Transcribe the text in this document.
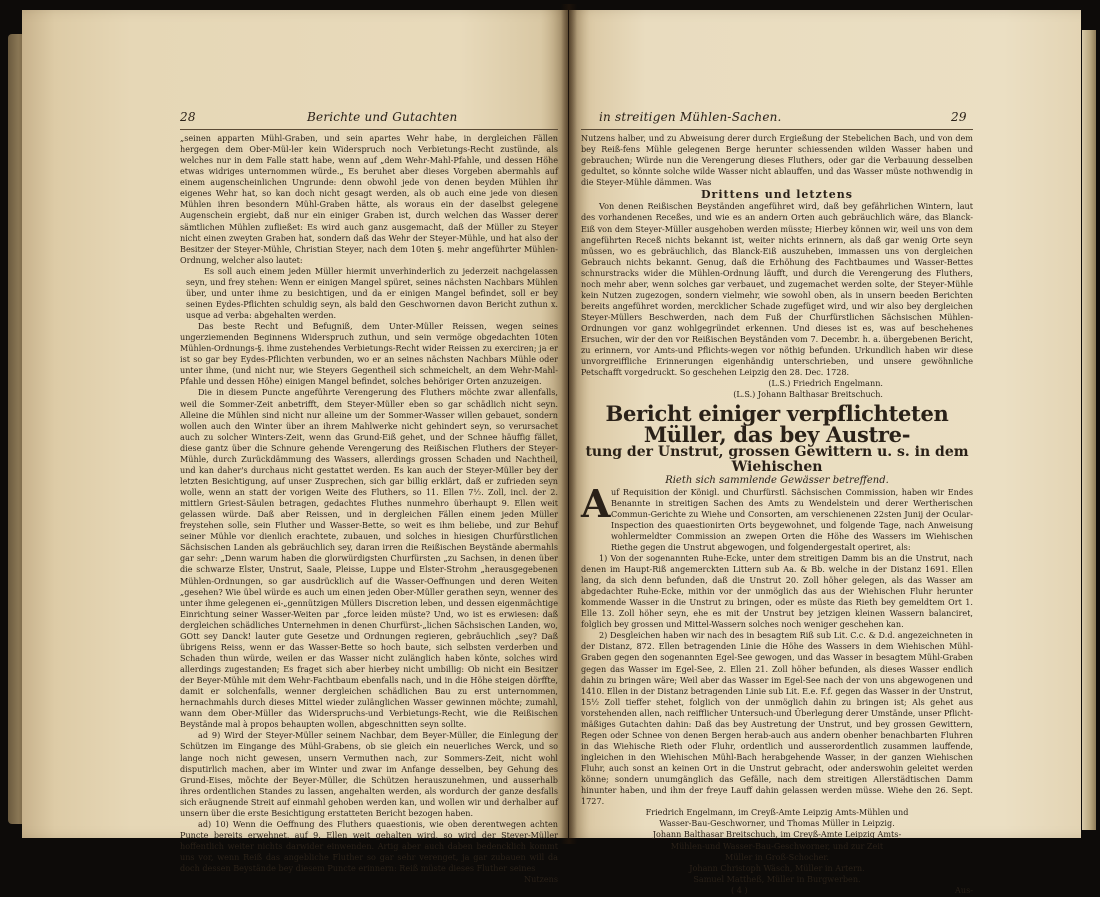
28	Berichte und Gutachten

„seinen apparten Mühl-Graben, und sein apartes Wehr habe, in dergleichen Fällen hergegen dem Ober-Mül-ler kein Widerspruch noch Verbietungs-Recht zustünde, als welches nur in dem Falle statt habe, wenn auf „dem Wehr-Mahl-Pfahle, und dessen Höhe etwas widriges unternommen würde.„ Es beruhet aber dieses Vorgeben abermahls auf einem augenscheinlichen Ungrunde: denn obwohl jede von denen beyden Mühlen ihr eigenes Wehr hat, so kan doch nicht gesagt werden, als ob auch eine jede von diesen Mühlen ihren besondern Mühl-Graben hätte, als woraus ein der daselbst gelegene Augenschein ergiebt, daß nur ein einiger Graben ist, durch welchen das Wasser derer sämtlichen Mühlen zufließet: Es wird auch ganz ausgemacht, daß der Müller zu Steyer nicht einen zweyten Graben hat, sondern daß das Wehr der Steyer-Mühle, und hat also der Besitzer der Steyer-Mühle, Christian Steyer, nach dem 10ten §. mehr angeführter Mühlen-Ordnung, welcher also lautet:

Es soll auch einem jeden Müller hiermit unverhinderlich zu jederzeit nachgelassen seyn, und frey stehen: Wenn er einigen Mangel spüret, seines nächsten Nachbars Mühlen über, und unter ihme zu besichtigen, und da er einigen Mangel befindet, soll er bey seinen Eydes-Pflichten schuldig seyn, als bald den Geschwornen davon Bericht zuthun x. usque ad verba: abgehalten werden.

Das beste Recht und Befugniß, dem Unter-Müller Reissen, wegen seines ungerziemenden Beginnens Widerspruch zuthun, und sein vermöge obgedachten 10ten Mühlen-Ordnungs-§. ihme zustehendes Verbietungs-Recht wider Reissen zu exerciren; ja er ist so gar bey Eydes-Pflichten verbunden, wo er an seines nächsten Nachbars Mühle oder unter ihme, (und nicht nur, wie Steyers Gegentheil sich schmeichelt, an dem Wehr-Mahl-Pfahle und dessen Höhe) einigen Mangel befindet, solches behöriger Orten anzuzeigen.

Die in diesem Puncte angeführte Verengerung des Fluthers möchte zwar allenfalls, weil die Sommer-Zeit anbetrifft, dem Steyer-Müller eben so gar schädlich nicht seyn. Alleine die Mühlen sind nicht nur alleine um der Sommer-Wasser willen gebauet, sondern wollen auch den Winter über an ihrem Mahlwerke nicht gehindert seyn, so verursachet auch zu solcher Winters-Zeit, wenn das Grund-Eiß gehet, und der Schnee häuffig fället, diese gantz über die Schnure gehende Verengerung des Reißischen Fluthers der Steyer-Mühle, durch Zurückdämmung des Wassers, allerdings grossen Schaden und Nachtheil, und kan daher's durchaus nicht gestattet werden. Es kan auch der Steyer-Müller bey der letzten Besichtigung, auf unser Zusprechen, sich gar billig erklärt, daß er zufrieden seyn wolle, wenn an statt der vorigen Weite des Fluthers, so 11. Ellen 7½. Zoll, incl. der 2. mittlern Griest-Säulen betragen, gedachtes Fluthes nunmehro überhaupt 9. Ellen weit gelassen würde. Daß aber Reissen, und in dergleichen Fällen einem jeden Müller freystehen solle, sein Fluther und Wasser-Bette, so weit es ihm beliebe, und zur Behuf seiner Mühle vor dienlich erachtete, zubauen, und solches in hiesigen Churfürstlichen Sächsischen Landen als gebräuchlich sey, daran irren die Reißischen Beyständе abermahls gar sehr: „Denn warum haben die glorwürdigsten Churfürsten „zu Sachsen, in denen über die schwarze Elster, Unstrut, Saale, Pleisse, Luppe und Elster-Strohm „herausgegebenen Mühlen-Ordnungen, so gar ausdrücklich auf die Wasser-Oeffnungen und deren Weiten „gesehen? Wie übel würde es auch um einen jeden Ober-Müller gerathen seyn, wenner des unter ihme gelegenen ei-„gennützigen Müllers Discretion leben, und dessen eigenmächtige Einrichtung seiner Wasser-Weiten par „force leiden müste? Und, wo ist es erwiesen: daß dergleichen schädliches Unternehmen in denen Churfürst-„lichen Sächsischen Landen, wo, GOtt sey Danck! lauter gute Gesetze und Ordnungen regieren, gebräuchlich „sey? Daß übrigens Reiss, wenn er das Wasser-Bette so hoch baute, sich selbsten verderben und Schaden thun würde, weilen er das Wasser nicht zulänglich haben könte, solches wird allerdings zugestanden; Es fraget sich aber hierbey nicht umbillig: Ob nicht ein Besitzer der Beyer-Mühle mit dem Wehr-Fachtbaum ebenfalls nach, und in die Höhe steigen dörffte, damit er solchenfalls, wenner dergleichen schädlichen Bau zu erst unternommen, hernachmahls durch dieses Mittel wieder zulänglichen Wasser gewinnen möchte; zumahl, wann dem Ober-Müller das Widerspruchs-und Verbietungs-Recht, wie die Reißischen Beyständе mal à propos behaupten wollen, abgeschnitten seyn sollte.

ad 9) Wird der Steyer-Müller seinem Nachbar, dem Beyer-Müller, die Einlegung der Schützen im Eingange des Mühl-Grabens, ob sie gleich ein neuerliches Werck, und so lange noch nicht gewesen, unsern Vermuthen nach, zur Sommers-Zeit, nicht wohl disputirlich machen, aber im Winter und zwar im Anfange desselben, bey Gehung des Grund-Eises, möchte der Beyer-Müller, die Schützen herauszunehmen, und ausserhalb ihres ordentlichen Standes zu lassen, angehalten werden, als wordurch der ganze desfalls sich eräugnende Streit auf einmahl gehoben werden kan, und wollen wir und derhalber auf unsern über die erste Besichtigung erstatteten Bericht bezogen haben.

ad) 10) Wenn die Oeffnung des Fluthers quaestionis, wie oben derentwegen achten Puncte bereits erwehnet, auf 9. Ellen weit gehalten wird, so wird der Steyer-Müller hoffentlich weiter nichts darwider einwenden. Artig aber auch daben bedencklich kommt uns vor, wenn Reiß das angebliche Fluther so gar sehr verenget, ja gar zubauen will da doch dessen Beyständе bey diesem Puncte erinnern: Reiß müste dieses Fluther seines

Nutzens
in streitigen Mühlen-Sachen.	29

Nutzens halber, und zu Abweisung derer durch Ergießung der Stebelichen Bach, und von dem bey Reiß-fens Mühle gelegenen Berge herunter schiessenden wilden Wasser haben und gebrauchen; Würde nun die Verengerung dieses Fluthers, oder gar die Verbauung desselben gedultet, so könnte solche wilde Wasser nicht ablauffen, und das Wasser müste nothwendig in die Steyer-Mühle dämmen. Was

Drittens und letztens

Von denen Reißischen Beyständen angeführet wird, daß bey gefährlichen Wintern, laut des vorhandenen Receßes, und wie es an andern Orten auch gebräuchlich wäre, das Blanck-Eiß von dem Steyer-Müller ausgehoben werden müsste; Hierbey können wir, weil uns von dem angeführten Receß nichts bekannt ist, weiter nichts erinnern, als daß gar wenig Orte seyn müssen, wo es gebräuchlich, das Blanck-Eiß auszuheben, immassen uns von dergleichen Gebrauch nichts bekannt. Genug, daß die Erhöhung des Fachtbaumes und Wasser-Bettes schnurstracks wider die Mühlen-Ordnung läufft, und durch die Verengerung des Fluthers, noch mehr aber, wenn solches gar verbauet, und zugemachet werden solte, der Steyer-Mühle kein Nutzen zugezogen, sondern vielmehr, wie sowohl oben, als in unsern beeden Berichten bereits angeführet worden, mercklicher Schade zugefüget wird, und wir also bey dergleichen Steyer-Müllers Beschwerden, nach dem Fuß der Churfürstlichen Sächsischen Mühlen-Ordnungen vor ganz wohlgegründet erkennen. Und dieses ist es, was auf beschehenes Ersuchen, wir der den vor Reißischen Beyständen vom 7. Decembr. h. a. übergebenen Bericht, zu erinnern, vor Amts-und Pflichts-wegen vor nöthig befunden. Urkundlich haben wir diese unvorgreiffliche Erinnerungen eigenhändig unterschrieben, und unsere gewöhnliche Petschafft vorgedruckt. So geschehen Leipzig den 28. Dec. 1728.

(L.S.) Friedrich Engelmann.
(L.S.) Johann Balthasar Breitschuch.
Bericht einiger verpflichteten Müller, das bey Austre-
tung der Unstrut, grossen Gewittern u. s. in dem Wiehischen
Rieth sich sammlende Gewässer betreffend.

A uf Requisition der Königl. und Churfürstl. Sächsischen Commission, haben wir Endes Benannte in streitigen Sachen des Amts zu Wendelstein und derer Wertherischen Commun-Gerichte zu Wiehe und Consorten, am verschienenen 22sten Junij der Ocular-Inspection des quaestionirten Orts beygewohnet, und folgende Tage, nach Anweisung wohlermeldter Commission an zwepen Orten die Höhe des Wassers im Wiehischen Riethe gegen die Unstrut abgewogen, und folgendergestalt operiret, als:

1) Von der sogenannten Ruhe-Ecke, unter dem streitigen Damm bis an die Unstrut, nach denen im Haupt-Riß angemerckten Littern sub Aa. & Bb. welche in der Distanz 1691. Ellen lang, da sich denn befunden, daß die Unstrut 20. Zoll höher gelegen, als das Wasser am abgedachter Ruhe-Ecke, mithin vor der unmöglich das aus der Wiehischen Fluhr herunter kommende Wasser in die Unstrut zu bringen, oder es müste das Rieth bey gemeldtem Ort 1. Elle 13. Zoll höher seyn, ehe es mit der Unstrut bey jetzigen kleinen Wassern balanciret, folglich bey grossen und Mittel-Wassern solches noch weniger geschehen kan.

2) Desgleichen haben wir nach des in besagtem Riß sub Lit. C.c. & D.d. angezeichneten in der Distanz, 872. Ellen betragenden Linie die Höhe des Wassers in dem Wiehischen Mühl-Graben gegen den sogenannten Egel-See gewogen, und das Wasser in besagtem Mühl-Graben gegen das Wasser im Egel-See, 2. Ellen 21. Zoll höher befunden, als dieses Wasser endlich dahin zu bringen wäre; Weil aber das Wasser im Egel-See nach der von uns abgewogenen und 1410. Ellen in der Distanz betragenden Linie sub Lit. E.e. F.f. gegen das Wasser in der Unstrut, 15½ Zoll tieffer stehet, folglich von der unmöglich dahin zu bringen ist; Als gehet aus vorstehenden allen, nach reifflicher Untersuch-und Überlegung derer Umstände, unser Pflicht-mäßiges Gutachten dahin: Daß das bey Austretung der Unstrut, und bey grossen Gewittern, Regen oder Schnee von denen Bergen herab-auch aus andern obenher benachbarten Fluhren in das Wiehische Rieth oder Fluhr, ordentlich und ausserordentlich zusammen lauffende, ingleichen in den Wiehischen Mühl-Bach herabgehende Wasser, in der ganzen Wiehischen Fluhr, auch sonst an keinen Ort in die Unstrut gebracht, oder anderswohin geleitet werden könne; sondern unumgänglich das Gefälle, nach dem streitigen Allerstädtischen Damm hinunter haben, und ihm der freye Lauff dahin gelassen werden müsse. Wiehe den 26. Sept. 1727.

Friedrich Engelmann, im Creyß-Amte Leipzig Amts-Mühlen und
Wasser-Bau-Geschworner, und Thomas Müller in Leipzig.
Johann Balthasar Breitschuch, im Creyß-Amte Leipzig Amts-
Mühlen-und Wasser-Bau-Geschworner, und zur Zeit
Müller in Groß-Schocher.
Johann Christoph Wäsch, Müller in Artern.
Samuel Mattheß, Müller in Burgwerben.
( 4 )	Aus-
